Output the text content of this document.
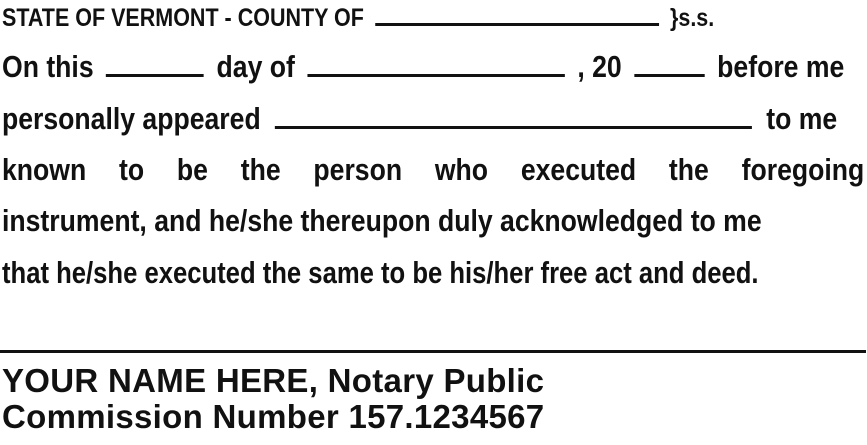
STATE OF VERMONT - COUNTY OF	}s.s.
On this	day of	, 20	before me
personally appeared	to me
known to be the person who executed the foregoing
instrument, and he/she thereupon duly acknowledged to me
that he/she executed the same to be his/her free act and deed.
YOUR NAME HERE, Notary Public
Commission Number 157.1234567
